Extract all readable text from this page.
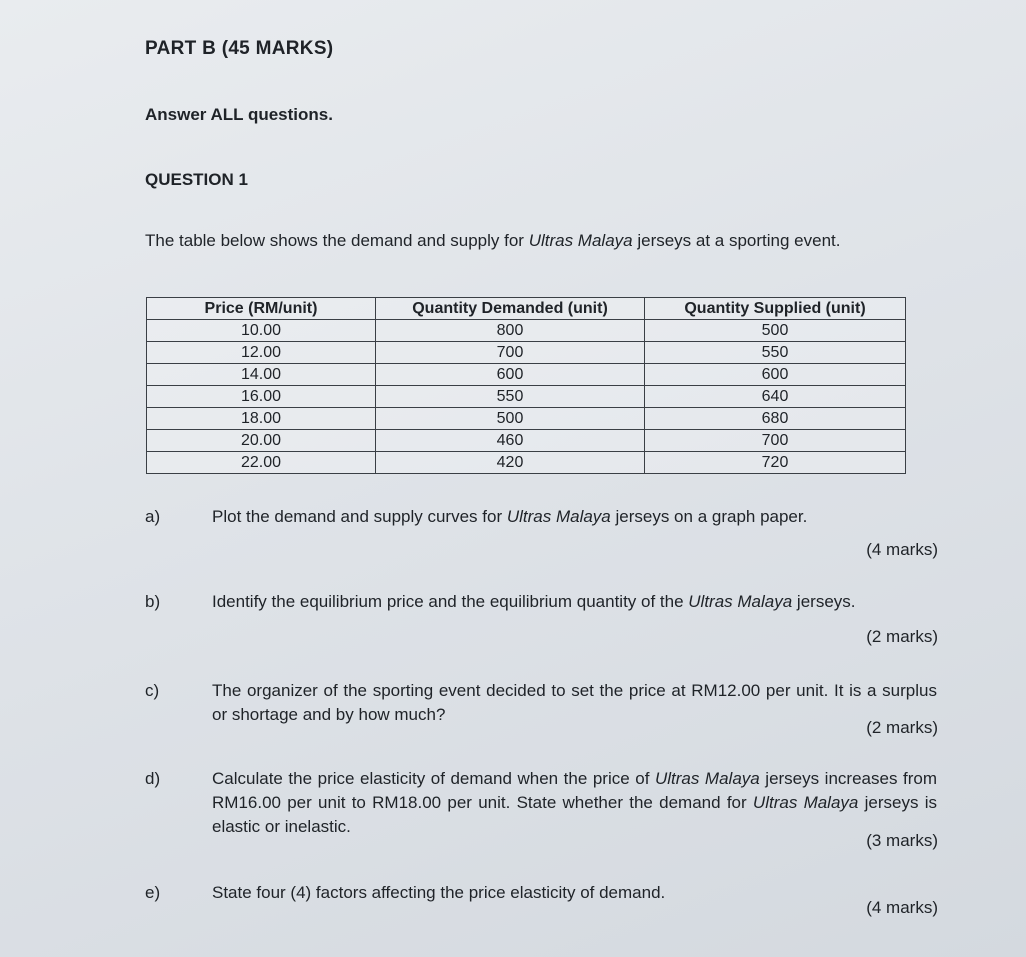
PART B (45 MARKS)
Answer ALL questions.
QUESTION 1
The table below shows the demand and supply for Ultras Malaya jerseys at a sporting event.
Price (RM/unit)	Quantity Demanded (unit)	Quantity Supplied (unit)
10.00	800	500
12.00	700	550
14.00	600	600
16.00	550	640
18.00	500	680
20.00	460	700
22.00	420	720
a)	Plot the demand and supply curves for Ultras Malaya jerseys on a graph paper.
(4 marks)
b)	Identify the equilibrium price and the equilibrium quantity of the Ultras Malaya jerseys.
(2 marks)
c)	The organizer of the sporting event decided to set the price at RM12.00 per unit. It is a surplus or shortage and by how much?
(2 marks)
d)	Calculate the price elasticity of demand when the price of Ultras Malaya jerseys increases from RM16.00 per unit to RM18.00 per unit. State whether the demand for Ultras Malaya jerseys is elastic or inelastic.
(3 marks)
e)	State four (4) factors affecting the price elasticity of demand.
(4 marks)
